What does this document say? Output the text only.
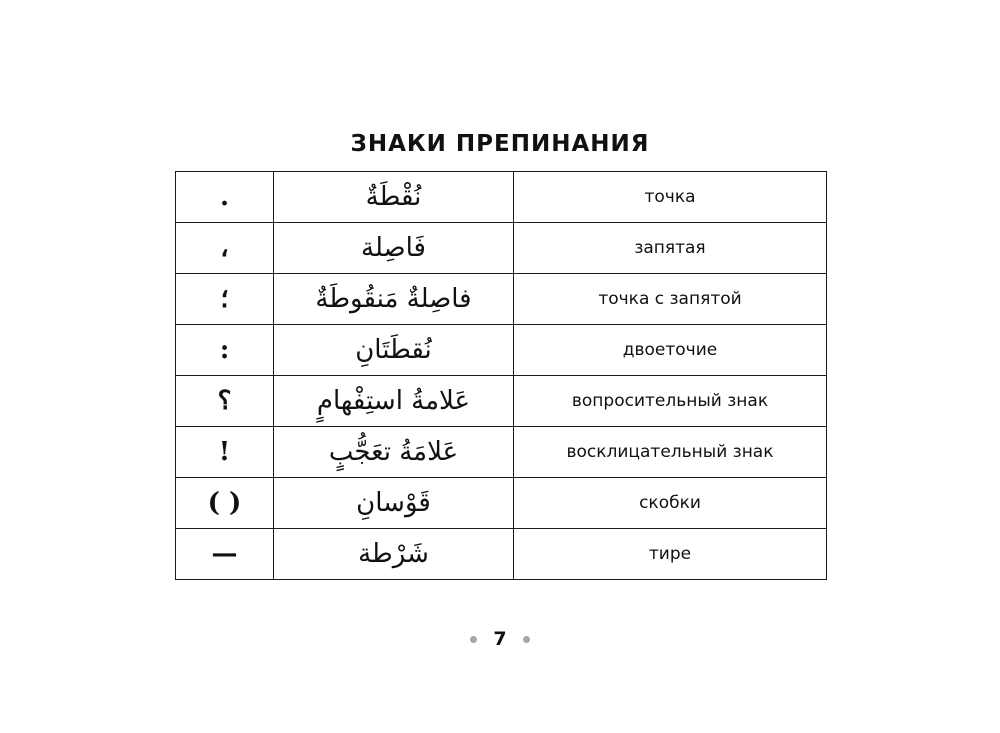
ЗНАКИ ПРЕПИНАНИЯ
.	نُقْطَةٌ	точка
،	فَاصِلة	запятая
؛	فاصِلةٌ مَنقُوطَةٌ	точка с запятой
:	نُقطَتَانِ	двоеточие
؟	عَلامةُ استِفْهامٍ	вопросительный знак
!	عَلامَةُ تعَجُّبٍ	восклицательный знак
( )	قَوْسانِ	скобки
—	شَرْطة	тире
7
